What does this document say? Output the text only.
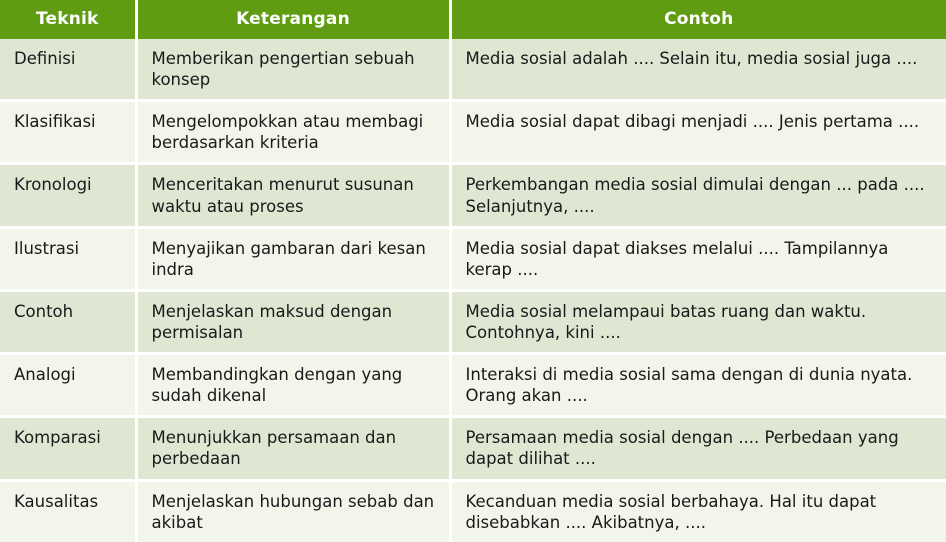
Teknik	Keterangan	Contoh
Definisi	Memberikan pengertian sebuah konsep	Media sosial adalah .... Selain itu, media sosial juga ....
Klasifikasi	Mengelompokkan atau membagi berdasarkan kriteria	Media sosial dapat dibagi menjadi .... Jenis pertama ....
Kronologi	Menceritakan menurut susunan waktu atau proses	Perkembangan media sosial dimulai dengan ... pada .... Selanjutnya, ....
Ilustrasi	Menyajikan gambaran dari kesan indra	Media sosial dapat diakses melalui .... Tampilannya kerap ....
Contoh	Menjelaskan maksud dengan permisalan	Media sosial melampaui batas ruang dan waktu. Contohnya, kini ....
Analogi	Membandingkan dengan yang sudah dikenal	Interaksi di media sosial sama dengan di dunia nyata. Orang akan ....
Komparasi	Menunjukkan persamaan dan perbedaan	Persamaan media sosial dengan .... Perbedaan yang dapat dilihat ....
Kausalitas	Menjelaskan hubungan sebab dan akibat	Kecanduan media sosial berbahaya. Hal itu dapat disebabkan .... Akibatnya, ....
